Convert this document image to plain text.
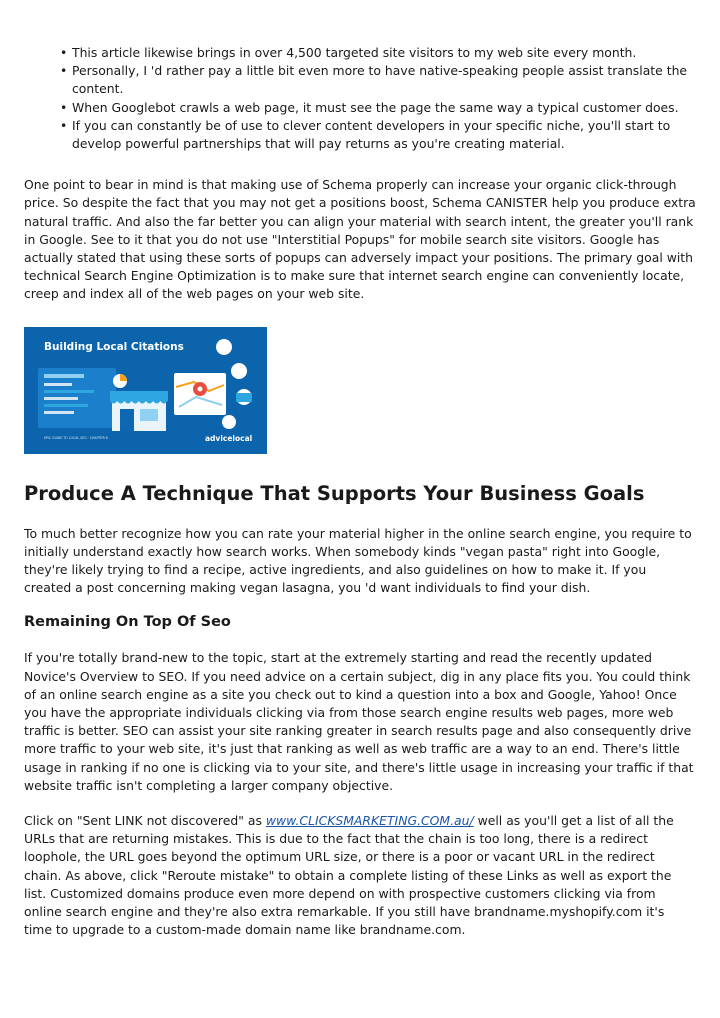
• This article likewise brings in over 4,500 targeted site visitors to my web site every month.
• Personally, I 'd rather pay a little bit even more to have native-speaking people assist translate the content.
• When Googlebot crawls a web page, it must see the page the same way a typical customer does.
• If you can constantly be of use to clever content developers in your specific niche, you'll start to develop powerful partnerships that will pay returns as you're creating material.

One point to bear in mind is that making use of Schema properly can increase your organic click-through price. So despite the fact that you may not get a positions boost, Schema CANISTER help you produce extra natural traffic. And also the far better you can align your material with search intent, the greater you'll rank in Google. See to it that you do not use "Interstitial Popups" for mobile search site visitors. Google has actually stated that using these sorts of popups can adversely impact your positions. The primary goal with technical Search Engine Optimization is to make sure that internet search engine can conveniently locate, creep and index all of the web pages on your web site.

Building Local Citations
EPIC GUIDE TO LOCAL SEO · CHAPTER 6	advicelocal
Produce A Technique That Supports Your Business Goals

To much better recognize how you can rate your material higher in the online search engine, you require to initially understand exactly how search works. When somebody kinds "vegan pasta" right into Google, they're likely trying to find a recipe, active ingredients, and also guidelines on how to make it. If you created a post concerning making vegan lasagna, you 'd want individuals to find your dish.

Remaining On Top Of Seo

If you're totally brand-new to the topic, start at the extremely starting and read the recently updated Novice's Overview to SEO. If you need advice on a certain subject, dig in any place fits you. You could think of an online search engine as a site you check out to kind a question into a box and Google, Yahoo! Once you have the appropriate individuals clicking via from those search engine results web pages, more web traffic is better. SEO can assist your site ranking greater in search results page and also consequently drive more traffic to your web site, it's just that ranking as well as web traffic are a way to an end. There's little usage in ranking if no one is clicking via to your site, and there's little usage in increasing your traffic if that website traffic isn't completing a larger company objective.

Click on "Sent LINK not discovered" as www.CLICKSMARKETING.COM.au/ well as you'll get a list of all the URLs that are returning mistakes. This is due to the fact that the chain is too long, there is a redirect loophole, the URL goes beyond the optimum URL size, or there is a poor or vacant URL in the redirect chain. As above, click "Reroute mistake" to obtain a complete listing of these Links as well as export the list. Customized domains produce even more depend on with prospective customers clicking via from online search engine and they're also extra remarkable. If you still have brandname.myshopify.com it's time to upgrade to a custom-made domain name like brandname.com.
